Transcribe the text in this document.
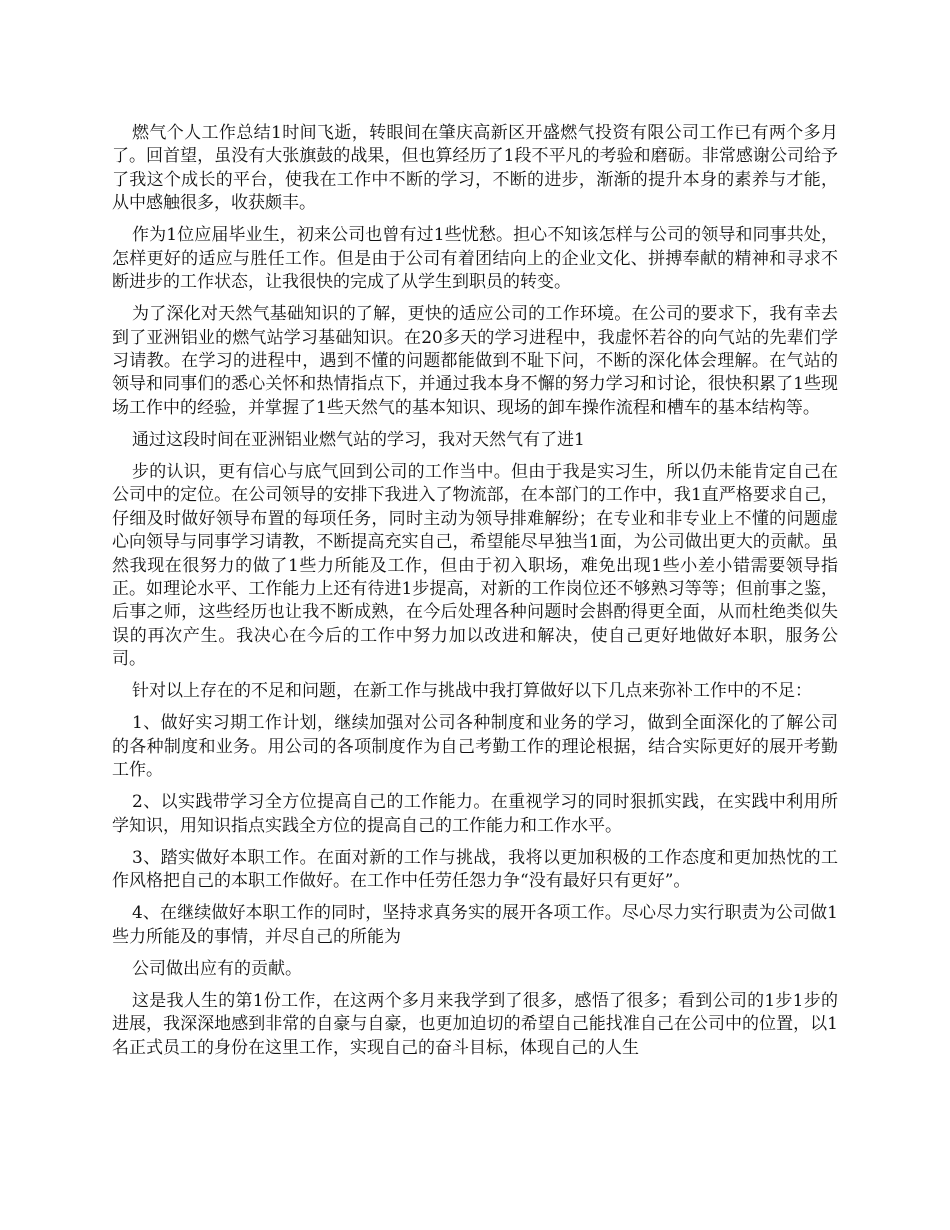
燃气个人工作总结1时间飞逝，转眼间在肇庆高新区开盛燃气投资有限公司工作已有两个多月了。回首望，虽没有大张旗鼓的战果，但也算经历了1段不平凡的考验和磨砺。非常感谢公司给予了我这个成长的平台，使我在工作中不断的学习，不断的进步，渐渐的提升本身的素养与才能，从中感触很多，收获颇丰。

作为1位应届毕业生，初来公司也曾有过1些忧愁。担心不知该怎样与公司的领导和同事共处，怎样更好的适应与胜任工作。但是由于公司有着团结向上的企业文化、拼搏奉献的精神和寻求不断进步的工作状态，让我很快的完成了从学生到职员的转变。

为了深化对天然气基础知识的了解，更快的适应公司的工作环境。在公司的要求下，我有幸去到了亚洲铝业的燃气站学习基础知识。在20多天的学习进程中，我虚怀若谷的向气站的先辈们学习请教。在学习的进程中，遇到不懂的问题都能做到不耻下问，不断的深化体会理解。在气站的领导和同事们的悉心关怀和热情指点下，并通过我本身不懈的努力学习和讨论，很快积累了1些现场工作中的经验，并掌握了1些天然气的基本知识、现场的卸车操作流程和槽车的基本结构等。

通过这段时间在亚洲铝业燃气站的学习，我对天然气有了进1

步的认识，更有信心与底气回到公司的工作当中。但由于我是实习生，所以仍未能肯定自己在公司中的定位。在公司领导的安排下我进入了物流部，在本部门的工作中，我1直严格要求自己，仔细及时做好领导布置的每项任务，同时主动为领导排难解纷；在专业和非专业上不懂的问题虚心向领导与同事学习请教，不断提高充实自己，希望能尽早独当1面，为公司做出更大的贡献。虽然我现在很努力的做了1些力所能及工作，但由于初入职场，难免出现1些小差小错需要领导指正。如理论水平、工作能力上还有待进1步提高，对新的工作岗位还不够熟习等等；但前事之鉴，后事之师，这些经历也让我不断成熟，在今后处理各种问题时会斟酌得更全面，从而杜绝类似失误的再次产生。我决心在今后的工作中努力加以改进和解决，使自己更好地做好本职，服务公司。

针对以上存在的不足和问题，在新工作与挑战中我打算做好以下几点来弥补工作中的不足：

1、做好实习期工作计划，继续加强对公司各种制度和业务的学习，做到全面深化的了解公司的各种制度和业务。用公司的各项制度作为自己考勤工作的理论根据，结合实际更好的展开考勤工作。

2、以实践带学习全方位提高自己的工作能力。在重视学习的同时狠抓实践，在实践中利用所学知识，用知识指点实践全方位的提高自己的工作能力和工作水平。

3、踏实做好本职工作。在面对新的工作与挑战，我将以更加积极的工作态度和更加热忱的工作风格把自己的本职工作做好。在工作中任劳任怨力争“没有最好只有更好”。

4、在继续做好本职工作的同时，坚持求真务实的展开各项工作。尽心尽力实行职责为公司做1些力所能及的事情，并尽自己的所能为

公司做出应有的贡献。

这是我人生的第1份工作，在这两个多月来我学到了很多，感悟了很多；看到公司的1步1步的进展，我深深地感到非常的自豪与自豪，也更加迫切的希望自己能找准自己在公司中的位置，以1名正式员工的身份在这里工作，实现自己的奋斗目标，体现自己的人生
